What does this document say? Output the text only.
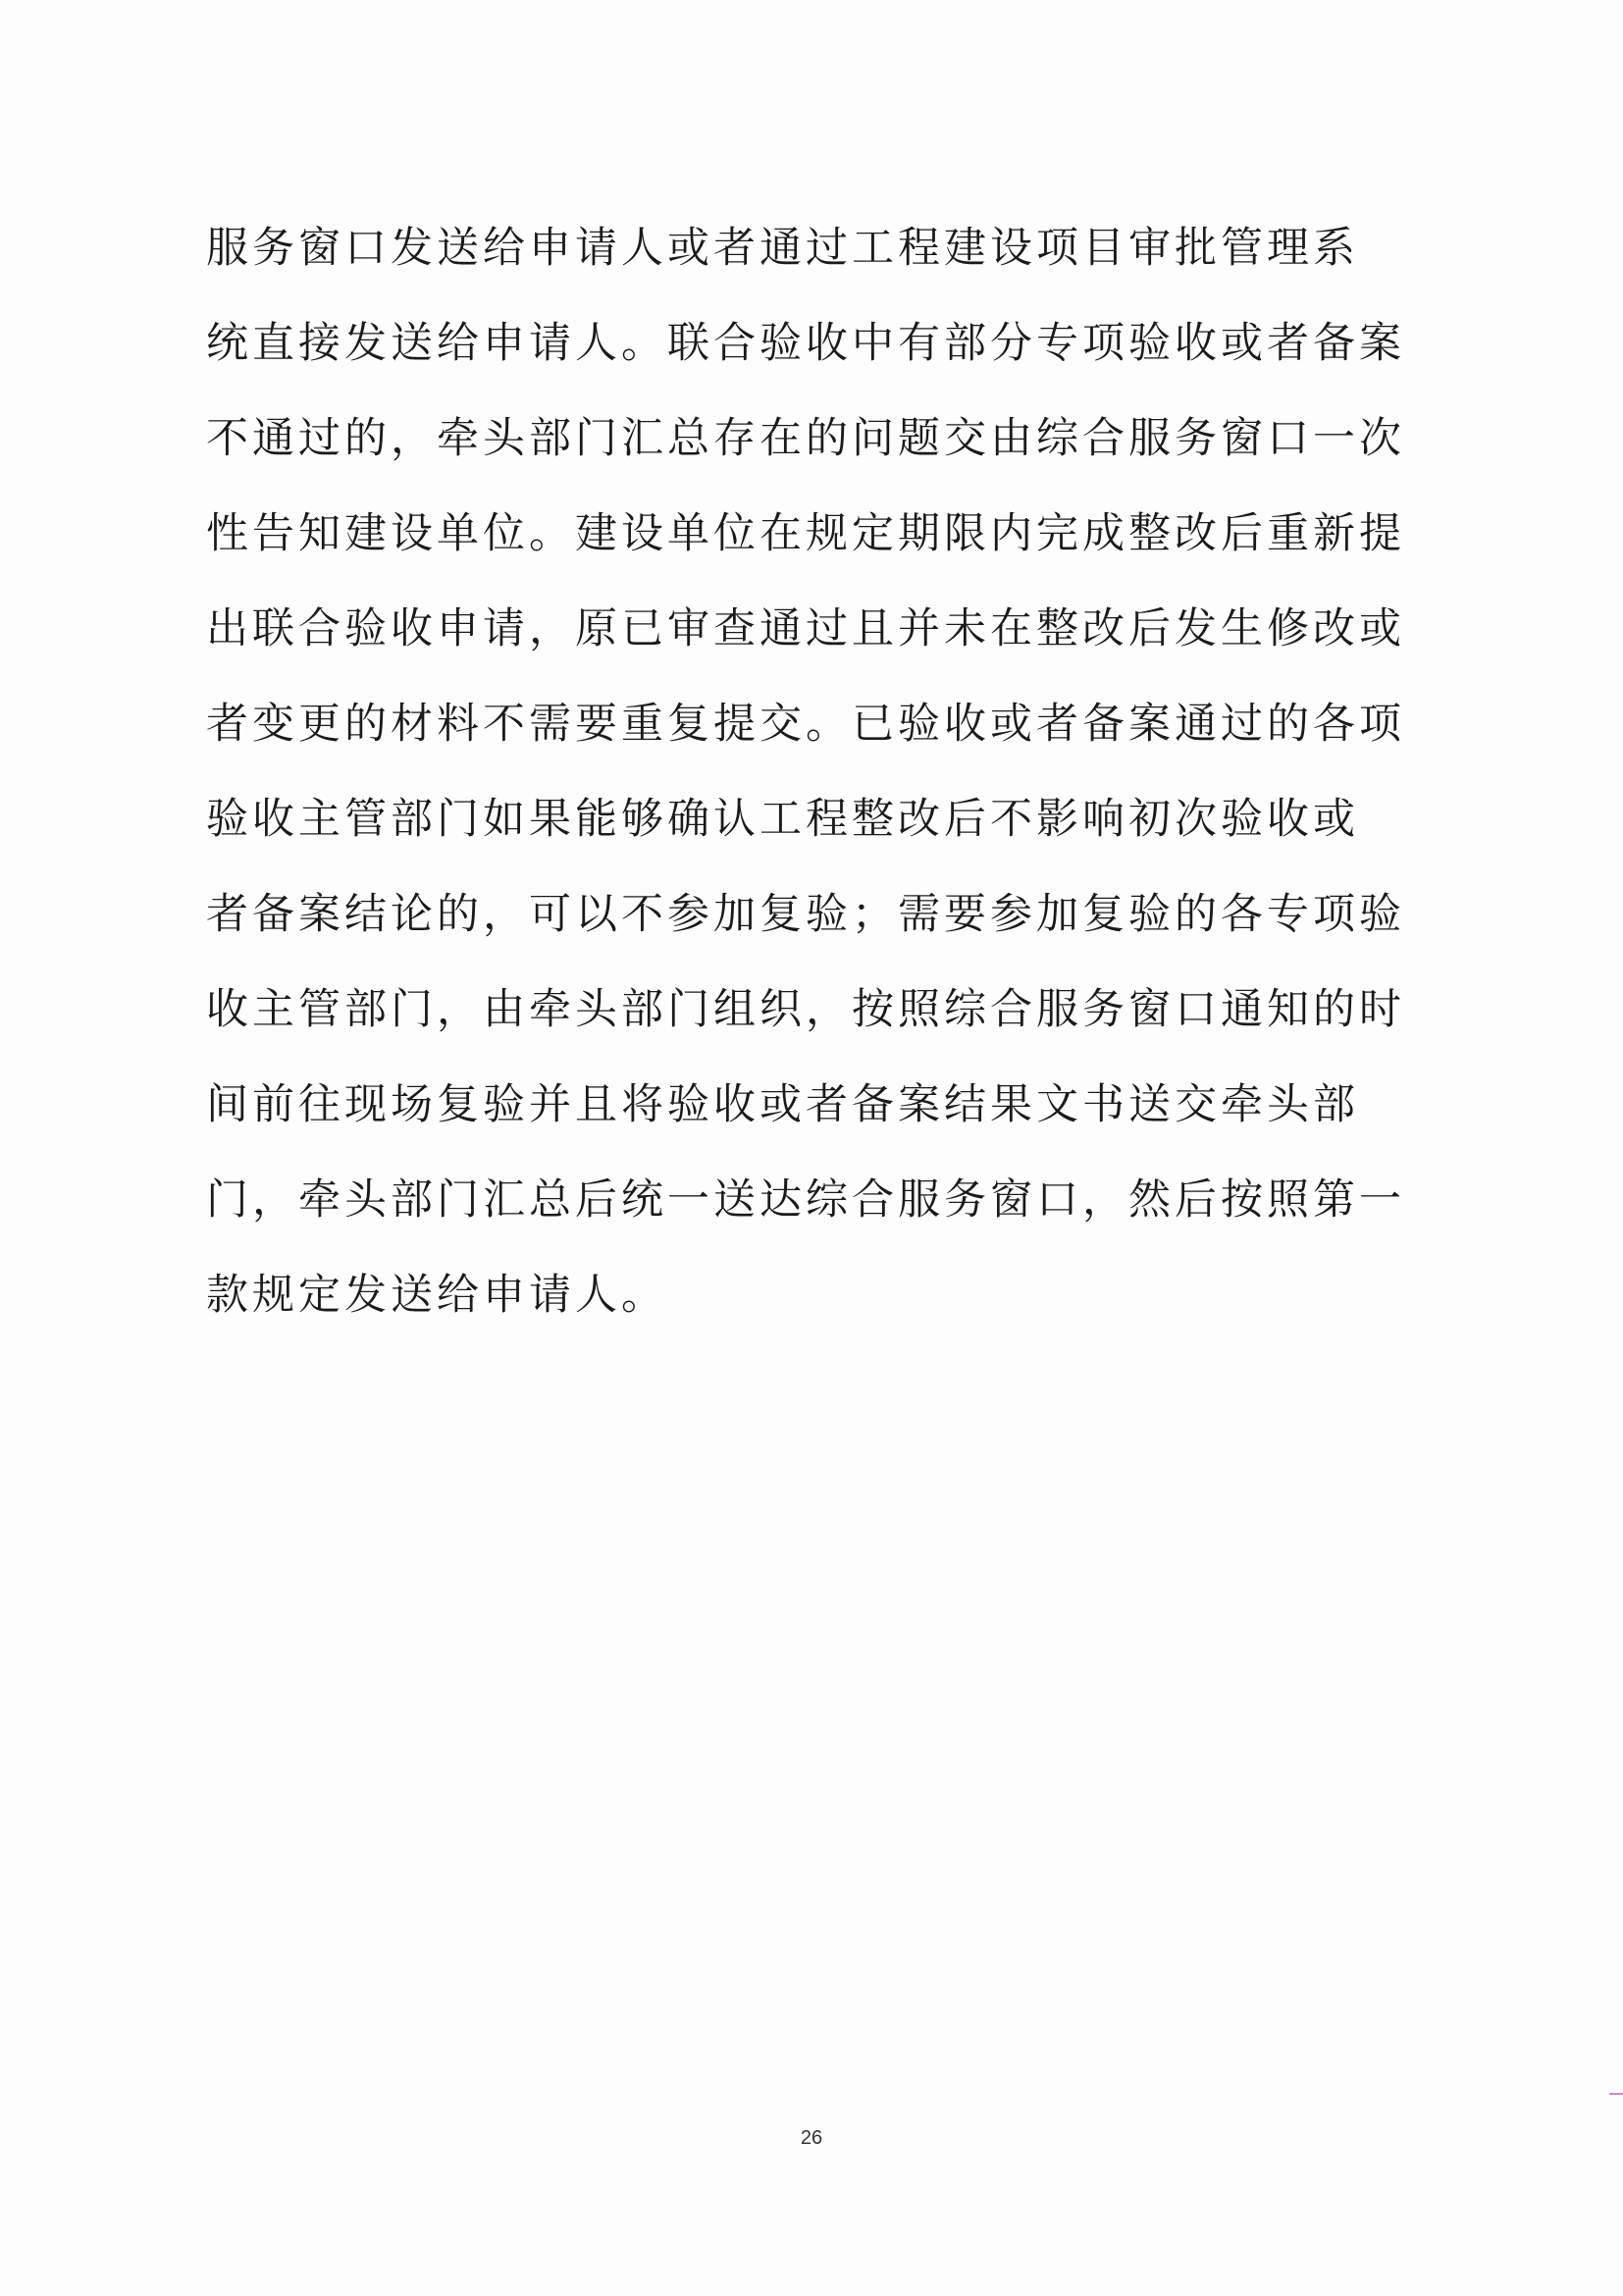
服务窗口发送给申请人或者通过工程建设项目审批管理系
统直接发送给申请人。联合验收中有部分专项验收或者备案
不通过的，牵头部门汇总存在的问题交由综合服务窗口一次
性告知建设单位。建设单位在规定期限内完成整改后重新提
出联合验收申请，原已审查通过且并未在整改后发生修改或
者变更的材料不需要重复提交。已验收或者备案通过的各项
验收主管部门如果能够确认工程整改后不影响初次验收或
者备案结论的，可以不参加复验；需要参加复验的各专项验
收主管部门，由牵头部门组织，按照综合服务窗口通知的时
间前往现场复验并且将验收或者备案结果文书送交牵头部
门，牵头部门汇总后统一送达综合服务窗口，然后按照第一
款规定发送给申请人。
26
